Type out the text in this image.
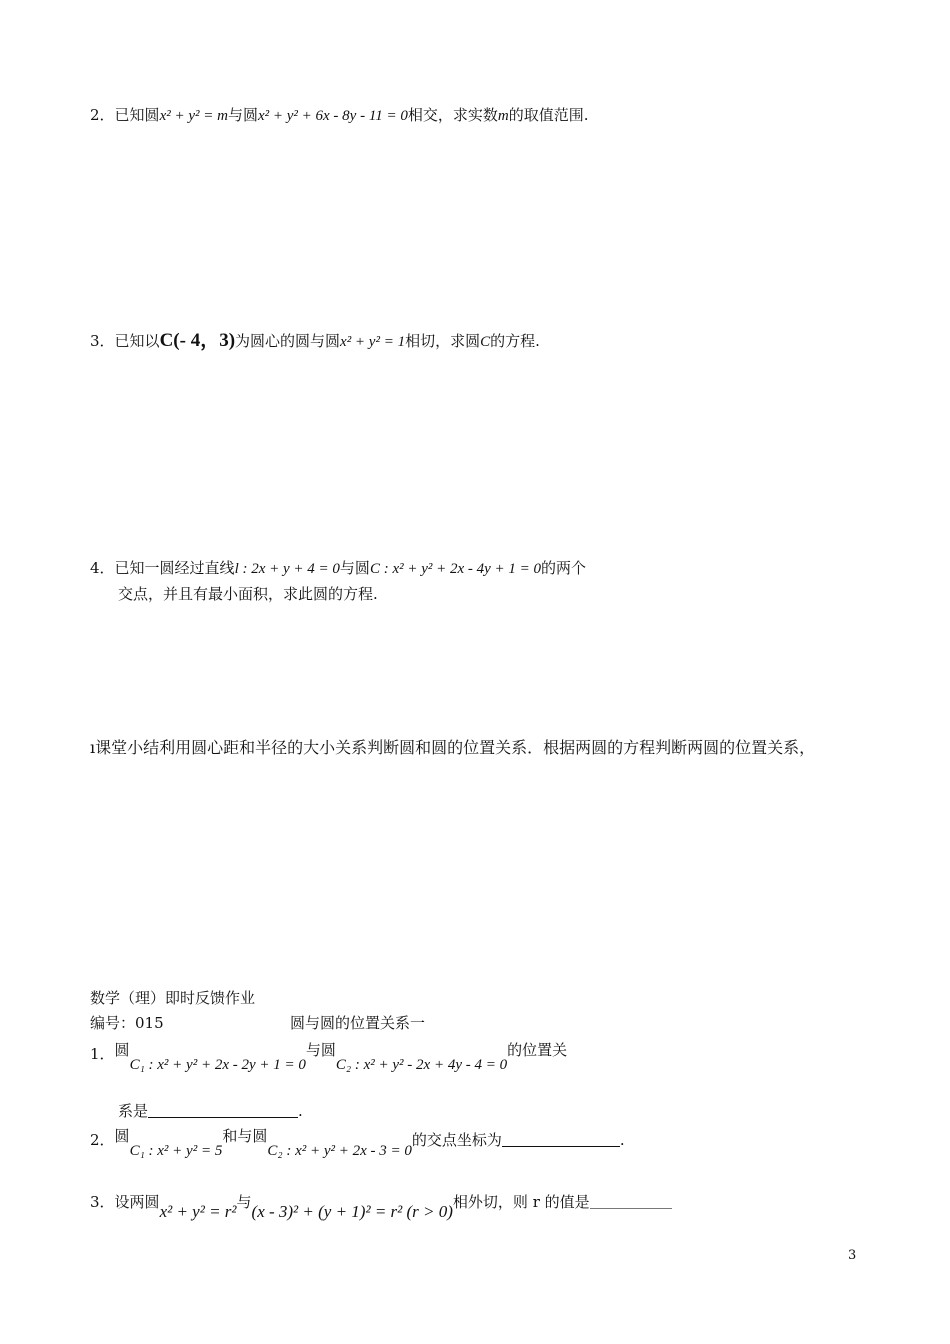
2．已知圆x² + y² = m与圆x² + y² + 6x - 8y - 11 = 0相交，求实数m的取值范围.
3．已知以C(- 4，3)为圆心的圆与圆x² + y² = 1相切，求圆C的方程.
4．已知一圆经过直线l : 2x + y + 4 = 0与圆C : x² + y² + 2x - 4y + 1 = 0的两个
交点，并且有最小面积，求此圆的方程.
ı课堂小结利用圆心距和半径的大小关系判断圆和圆的位置关系．根据两圆的方程判断两圆的位置关系，
数学（理）即时反馈作业
编号：015	圆与圆的位置关系一
1．圆C₁ : x² + y² + 2x - 2y + 1 = 0与圆C₂ : x² + y² - 2x + 4y - 4 = 0的位置关
系是	.
2．圆C₁ : x² + y² = 5和与圆C₂ : x² + y² + 2x - 3 = 0的交点坐标为	.
3．设两圆x² + y² = r²与(x - 3)² + (y + 1)² = r² (r > 0)相外切，则 r 的值是
3
